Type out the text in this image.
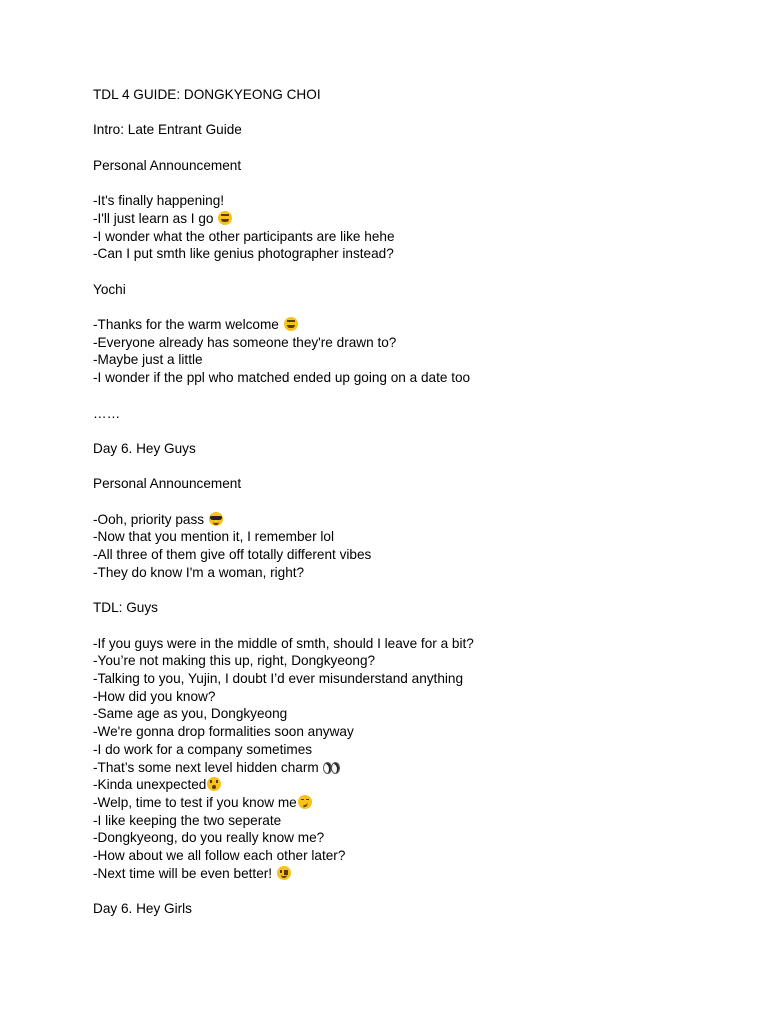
TDL 4 GUIDE: DONGKYEONG CHOI
Intro: Late Entrant Guide
Personal Announcement
-It's finally happening!
-I'll just learn as I go
-I wonder what the other participants are like hehe
-Can I put smth like genius photographer instead?
Yochi
-Thanks for the warm welcome
-Everyone already has someone they're drawn to?
-Maybe just a little
-I wonder if the ppl who matched ended up going on a date too
……
Day 6. Hey Guys
Personal Announcement
-Ooh, priority pass
-Now that you mention it, I remember lol
-All three of them give off totally different vibes
-They do know I'm a woman, right?
TDL: Guys
-If you guys were in the middle of smth, should I leave for a bit?
-You’re not making this up, right, Dongkyeong?
-Talking to you, Yujin, I doubt I’d ever misunderstand anything
-How did you know?
-Same age as you, Dongkyeong
-We're gonna drop formalities soon anyway
-I do work for a company sometimes
-That’s some next level hidden charm
-Kinda unexpected
-Welp, time to test if you know me
-I like keeping the two seperate
-Dongkyeong, do you really know me?
-How about we all follow each other later?
-Next time will be even better!
Day 6. Hey Girls
